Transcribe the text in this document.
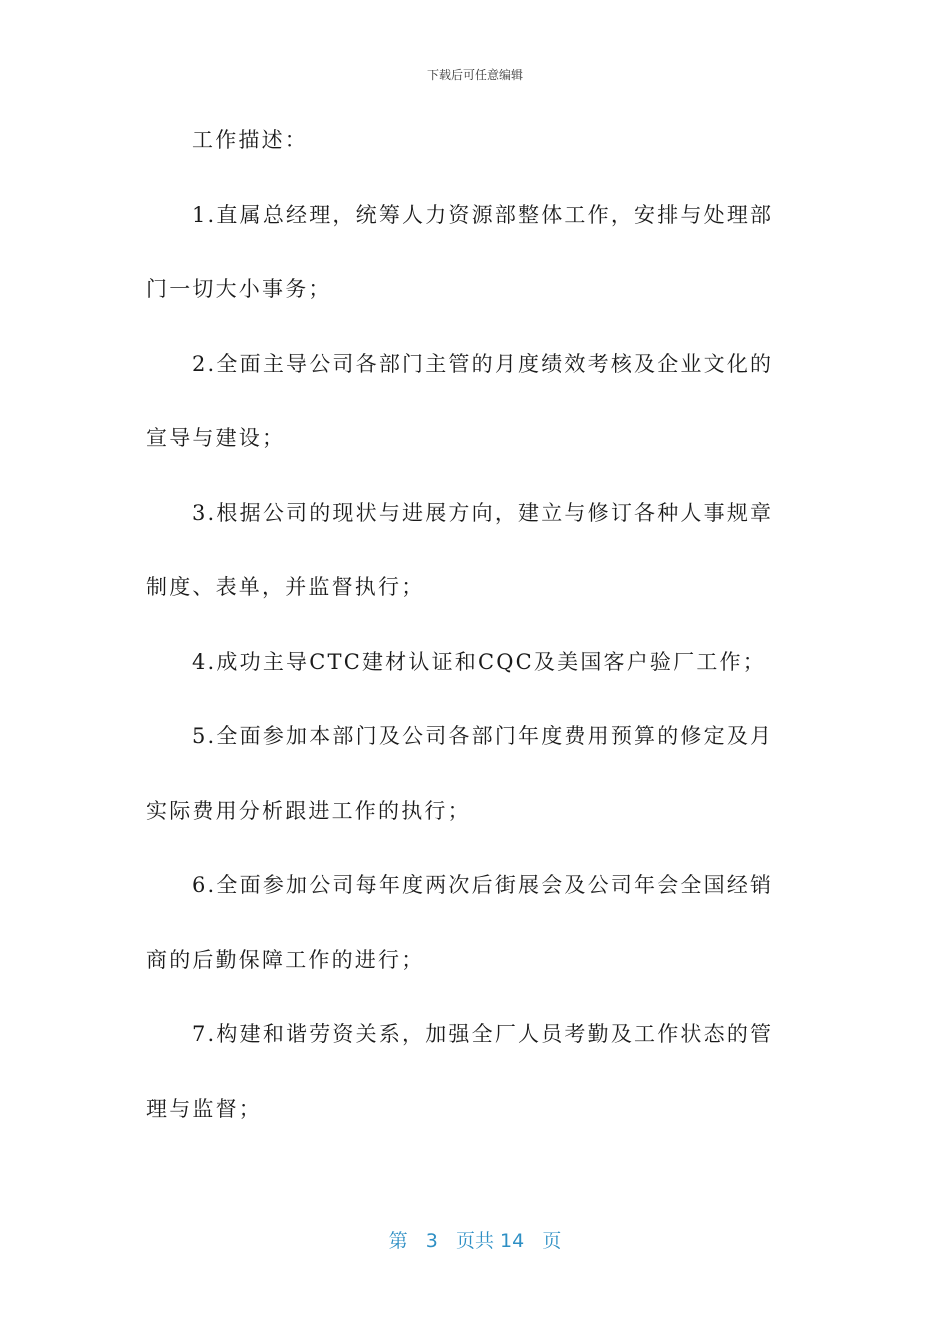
下载后可任意编辑
工作描述：
1.直属总经理，统筹人力资源部整体工作，安排与处理部
门一切大小事务；
2.全面主导公司各部门主管的月度绩效考核及企业文化的
宣导与建设；
3.根据公司的现状与进展方向，建立与修订各种人事规章
制度、表单，并监督执行；
4.成功主导CTC建材认证和CQC及美国客户验厂工作；
5.全面参加本部门及公司各部门年度费用预算的修定及月
实际费用分析跟进工作的执行；
6.全面参加公司每年度两次后街展会及公司年会全国经销
商的后勤保障工作的进行；
7.构建和谐劳资关系，加强全厂人员考勤及工作状态的管
理与监督；
第 3 页共 14 页
